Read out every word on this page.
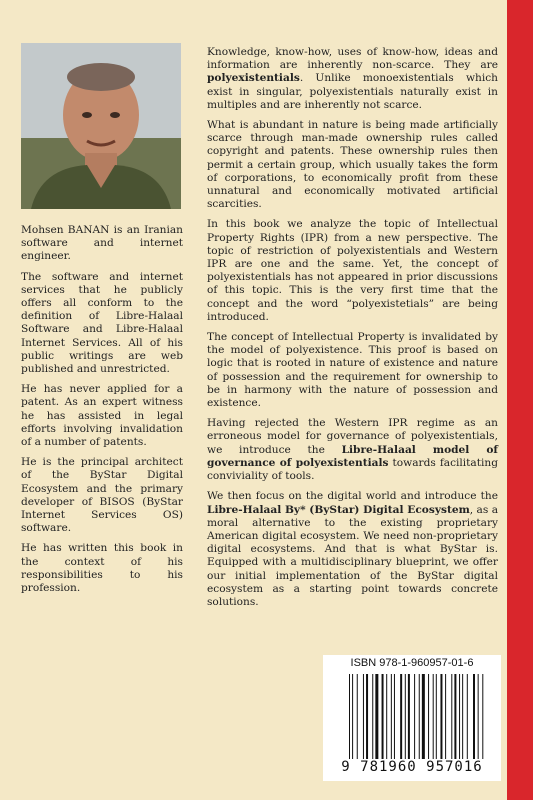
Mohsen BANAN is an Iranian software and internet engineer.

The software and internet services that he publicly offers all conform to the definition of Libre-Halaal Software and Libre-Halaal Internet Services. All of his public writings are web published and unrestricted.

He has never applied for a patent. As an expert witness he has assisted in legal efforts involving invalidation of a number of patents.

He is the principal architect of the ByStar Digital Ecosystem and the primary developer of BISOS (ByStar Internet Services OS) software.

He has written this book in the context of his responsibilities to his profession.

Knowledge, know-how, uses of know-how, ideas and information are inherently non-scarce. They are polyexistentials. Unlike monoexistentials which exist in singular, polyexistentials naturally exist in multiples and are inherently not scarce.

What is abundant in nature is being made artificially scarce through man-made ownership rules called copyright and patents. These ownership rules then permit a certain group, which usually takes the form of corporations, to economically profit from these unnatural and economically motivated artificial scarcities.

In this book we analyze the topic of Intellectual Property Rights (IPR) from a new perspective. The topic of restriction of polyexistentials and Western IPR are one and the same. Yet, the concept of polyexistentials has not appeared in prior discussions of this topic. This is the very first time that the concept and the word “polyexistetials” are being introduced.

The concept of Intellectual Property is invalidated by the model of polyexistence. This proof is based on logic that is rooted in nature of existence and nature of possession and the requirement for ownership to be in harmony with the nature of possession and existence.

Having rejected the Western IPR regime as an erroneous model for governance of polyexistentials, we introduce the Libre-Halaal model of governance of polyexistentials towards facilitating conviviality of tools.

We then focus on the digital world and introduce the Libre-Halaal By* (ByStar) Digital Ecosystem, as a moral alternative to the existing proprietary American digital ecosystem. We need non-proprietary digital ecosystems. And that is what ByStar is. Equipped with a multidisciplinary blueprint, we offer our initial implementation of the ByStar digital ecosystem as a starting point towards concrete solutions.

ISBN 978-1-960957-01-6
9 781960 957016
